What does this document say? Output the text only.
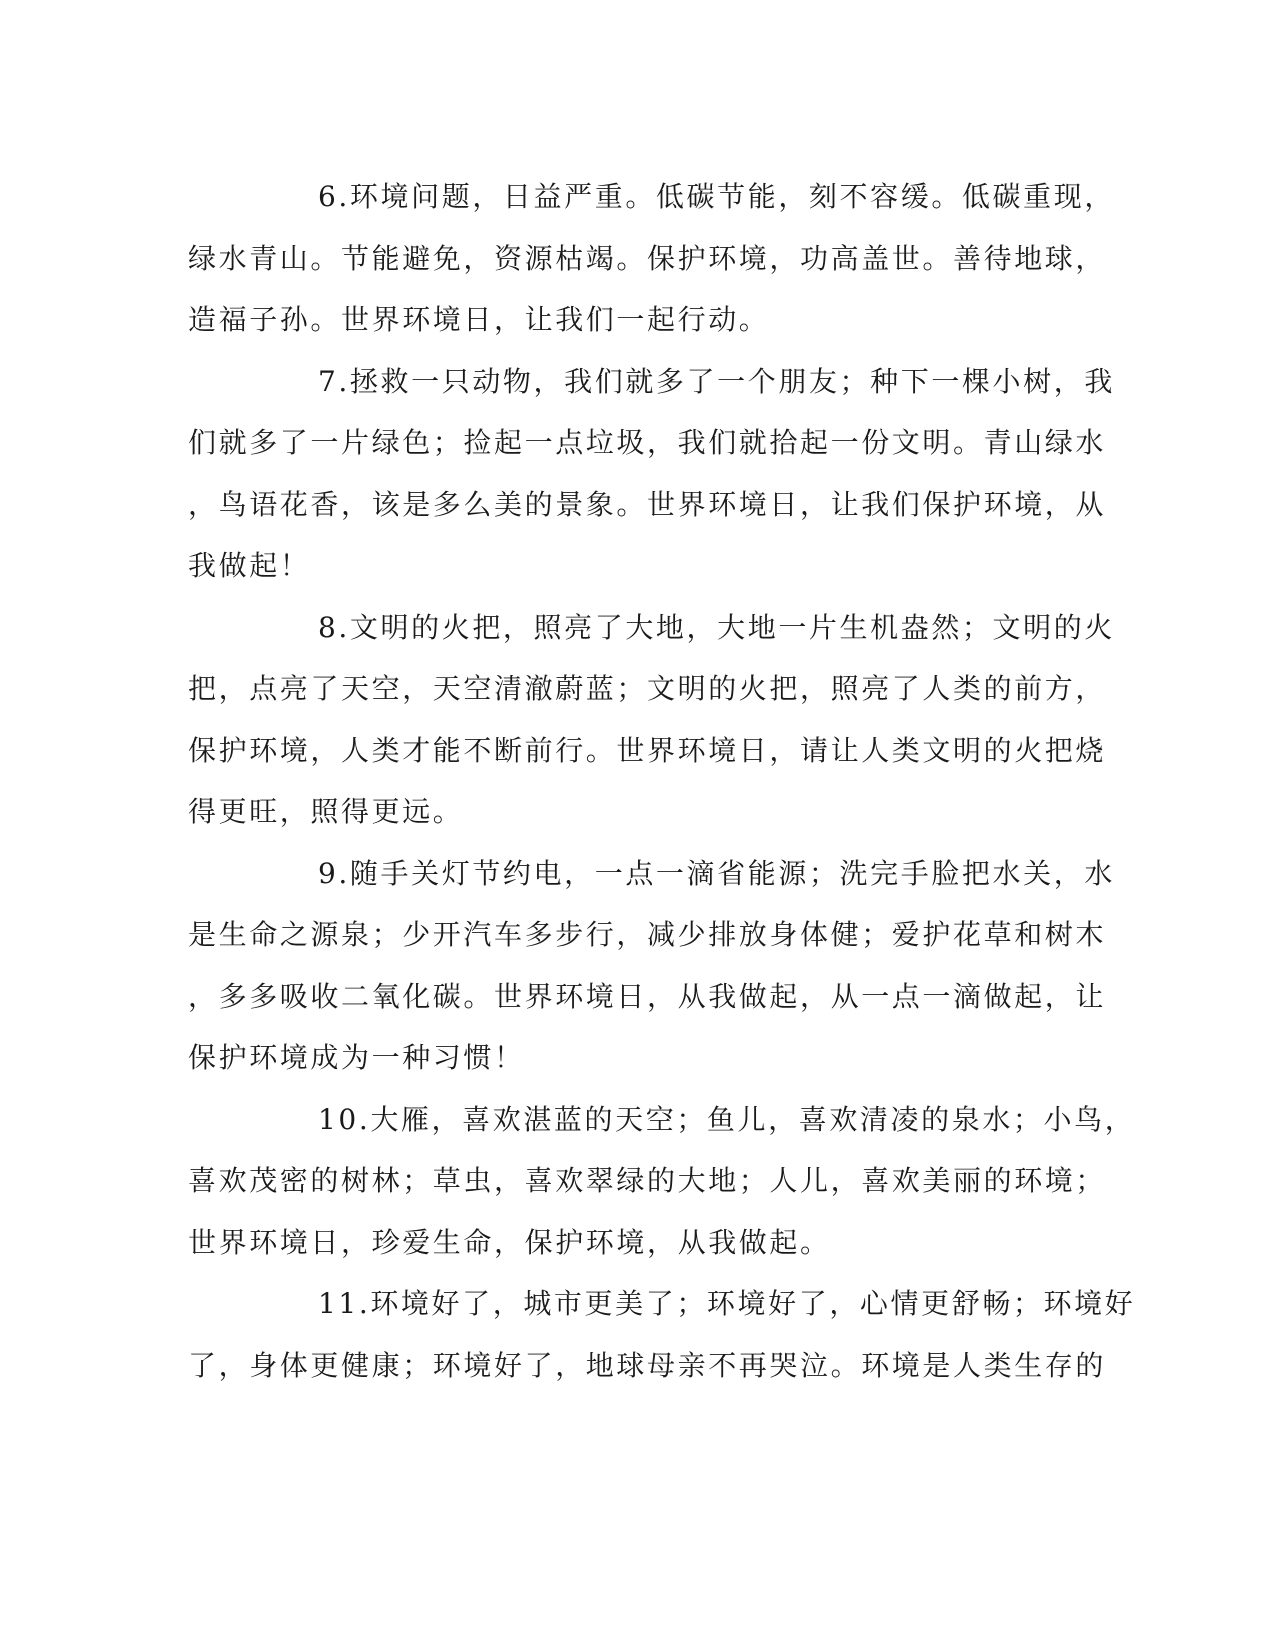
6.环境问题，日益严重。低碳节能，刻不容缓。低碳重现，
绿水青山。节能避免，资源枯竭。保护环境，功高盖世。善待地球，
造福子孙。世界环境日，让我们一起行动。

7.拯救一只动物，我们就多了一个朋友；种下一棵小树，我
们就多了一片绿色；捡起一点垃圾，我们就拾起一份文明。青山绿水
，鸟语花香，该是多么美的景象。世界环境日，让我们保护环境，从
我做起！

8.文明的火把，照亮了大地，大地一片生机盎然；文明的火
把，点亮了天空，天空清澈蔚蓝；文明的火把，照亮了人类的前方，
保护环境，人类才能不断前行。世界环境日，请让人类文明的火把烧
得更旺，照得更远。

9.随手关灯节约电，一点一滴省能源；洗完手脸把水关，水
是生命之源泉；少开汽车多步行，减少排放身体健；爱护花草和树木
，多多吸收二氧化碳。世界环境日，从我做起，从一点一滴做起，让
保护环境成为一种习惯！

10.大雁，喜欢湛蓝的天空；鱼儿，喜欢清凌的泉水；小鸟，
喜欢茂密的树林；草虫，喜欢翠绿的大地；人儿，喜欢美丽的环境；
世界环境日，珍爱生命，保护环境，从我做起。

11.环境好了，城市更美了；环境好了，心情更舒畅；环境好
了，身体更健康；环境好了，地球母亲不再哭泣。环境是人类生存的
